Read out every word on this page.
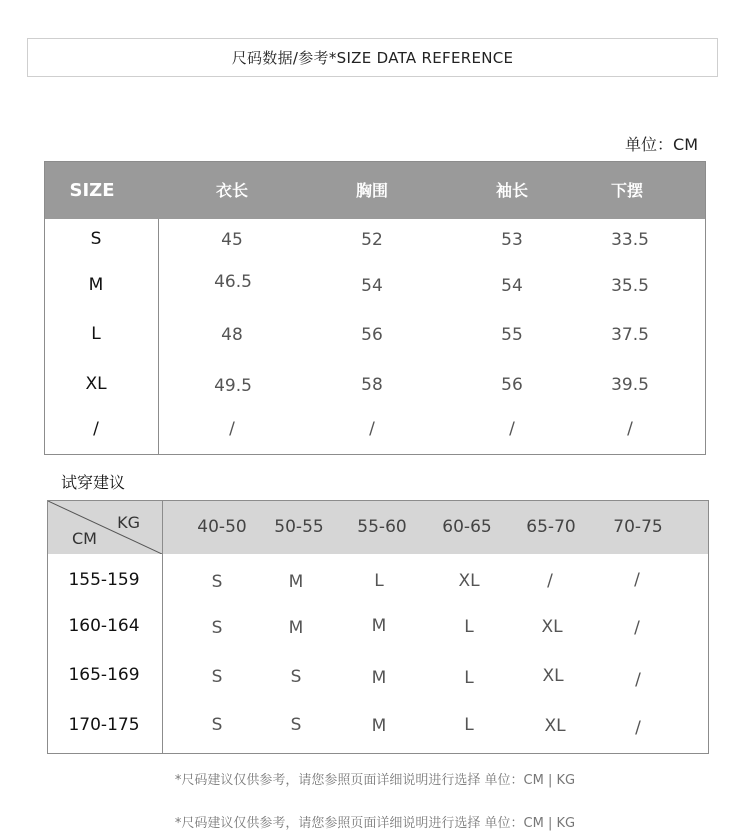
尺码数据/参考*SIZE DATA REFERENCE
单位：CM
SIZE	衣长	胸围	袖长	下摆
S	45	52	53	33.5
M	46.5	54	54	35.5
L	48	56	55	37.5
XL	49.5	58	56	39.5
/	/	/	/	/
试穿建议
40-50 50-55 55-60 60-65 65-70 70-75
KG
CM
155-159	S	M	L	XL	/	/
160-164	S	M	M	L	XL	/
165-169	S	S	M	L	XL	/
170-175	S	S	M	L	XL	/
*尺码建议仅供参考，请您参照页面详细说明进行选择 单位：CM | KG
*尺码建议仅供参考，请您参照页面详细说明进行选择 单位：CM | KG
